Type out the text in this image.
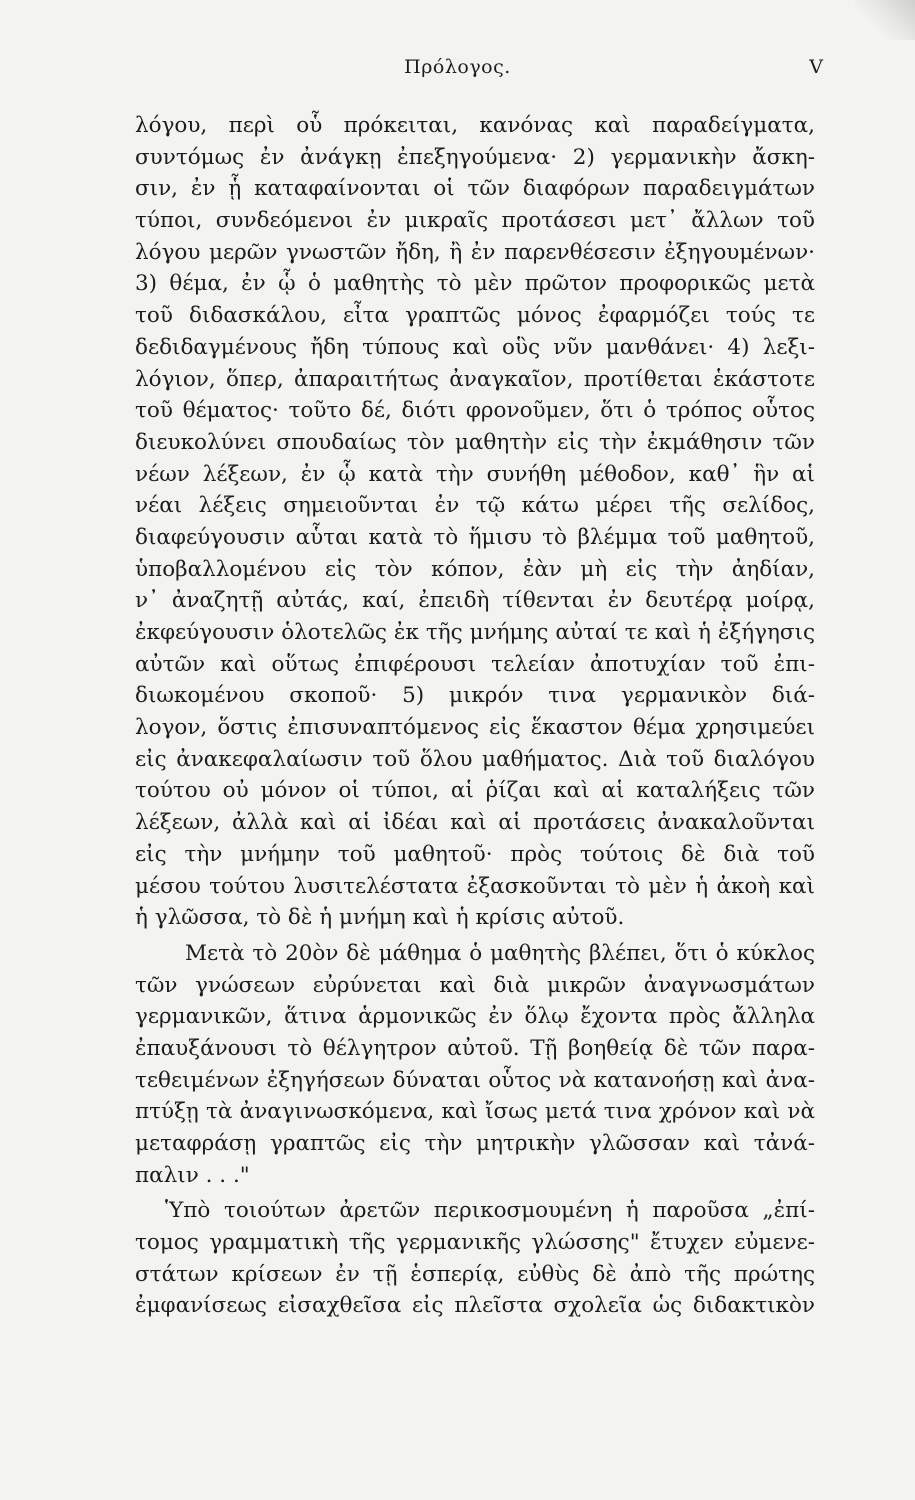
Πρόλογος.	V
λόγου, περὶ οὗ πρόκειται, κανόνας καὶ παραδείγματα,
συντόμως ἐν ἀνάγκῃ ἐπεξηγούμενα· 2) γερμανικὴν ἄσκη-
σιν, ἐν ᾗ καταφαίνονται οἱ τῶν διαφόρων παραδειγμάτων
τύποι, συνδεόμενοι ἐν μικραῖς προτάσεσι μετ᾽ ἄλλων τοῦ
λόγου μερῶν γνωστῶν ἤδη, ἢ ἐν παρενθέσεσιν ἐξηγουμένων·
3) θέμα, ἐν ᾧ ὁ μαθητὴς τὸ μὲν πρῶτον προφορικῶς μετὰ
τοῦ διδασκάλου, εἶτα γραπτῶς μόνος ἐφαρμόζει τούς τε
δεδιδαγμένους ἤδη τύπους καὶ οὓς νῦν μανθάνει· 4) λεξι-
λόγιον, ὅπερ, ἀπαραιτήτως ἀναγκαῖον, προτίθεται ἑκάστοτε
τοῦ θέματος· τοῦτο δέ, διότι φρονοῦμεν, ὅτι ὁ τρόπος οὗτος
διευκολύνει σπουδαίως τὸν μαθητὴν εἰς τὴν ἐκμάθησιν τῶν
νέων λέξεων, ἐν ᾧ κατὰ τὴν συνήθη μέθοδον, καθ᾽ ἣν αἱ
νέαι λέξεις σημειοῦνται ἐν τῷ κάτω μέρει τῆς σελίδος,
διαφεύγουσιν αὗται κατὰ τὸ ἥμισυ τὸ βλέμμα τοῦ μαθητοῦ,
ὑποβαλλομένου εἰς τὸν κόπον, ἐὰν μὴ εἰς τὴν ἀηδίαν,
ν᾽ ἀναζητῇ αὐτάς, καί, ἐπειδὴ τίθενται ἐν δευτέρᾳ μοίρᾳ,
ἐκφεύγουσιν ὁλοτελῶς ἐκ τῆς μνήμης αὐταί τε καὶ ἡ ἐξήγησις
αὐτῶν καὶ οὕτως ἐπιφέρουσι τελείαν ἀποτυχίαν τοῦ ἐπι-
διωκομένου σκοποῦ· 5) μικρόν τινα γερμανικὸν διά-
λογον, ὅστις ἐπισυναπτόμενος εἰς ἕκαστον θέμα χρησιμεύει
εἰς ἀνακεφαλαίωσιν τοῦ ὅλου μαθήματος. Διὰ τοῦ διαλόγου
τούτου οὐ μόνον οἱ τύποι, αἱ ῥίζαι καὶ αἱ καταλήξεις τῶν
λέξεων, ἀλλὰ καὶ αἱ ἰδέαι καὶ αἱ προτάσεις ἀνακαλοῦνται
εἰς τὴν μνήμην τοῦ μαθητοῦ· πρὸς τούτοις δὲ διὰ τοῦ
μέσου τούτου λυσιτελέστατα ἐξασκοῦνται τὸ μὲν ἡ ἀκοὴ καὶ
ἡ γλῶσσα, τὸ δὲ ἡ μνήμη καὶ ἡ κρίσις αὐτοῦ.
Μετὰ τὸ 20ὸν δὲ μάθημα ὁ μαθητὴς βλέπει, ὅτι ὁ κύκλος
τῶν γνώσεων εὐρύνεται καὶ διὰ μικρῶν ἀναγνωσμάτων
γερμανικῶν, ἅτινα ἁρμονικῶς ἐν ὅλῳ ἔχοντα πρὸς ἄλληλα
ἐπαυξάνουσι τὸ θέλγητρον αὐτοῦ. Τῇ βοηθείᾳ δὲ τῶν παρα-
τεθειμένων ἐξηγήσεων δύναται οὗτος νὰ κατανοήσῃ καὶ ἀνα-
πτύξῃ τὰ ἀναγινωσκόμενα, καὶ ἴσως μετά τινα χρόνον καὶ νὰ
μεταφράσῃ γραπτῶς εἰς τὴν μητρικὴν γλῶσσαν καὶ τἀνά-
παλιν . . ."
Ὑπὸ τοιούτων ἀρετῶν περικοσμουμένη ἡ παροῦσα „ἐπί-
τομος γραμματικὴ τῆς γερμανικῆς γλώσσης" ἔτυχεν εὐμενε-
στάτων κρίσεων ἐν τῇ ἑσπερίᾳ, εὐθὺς δὲ ἀπὸ τῆς πρώτης
ἐμφανίσεως εἰσαχθεῖσα εἰς πλεῖστα σχολεῖα ὡς διδακτικὸν
